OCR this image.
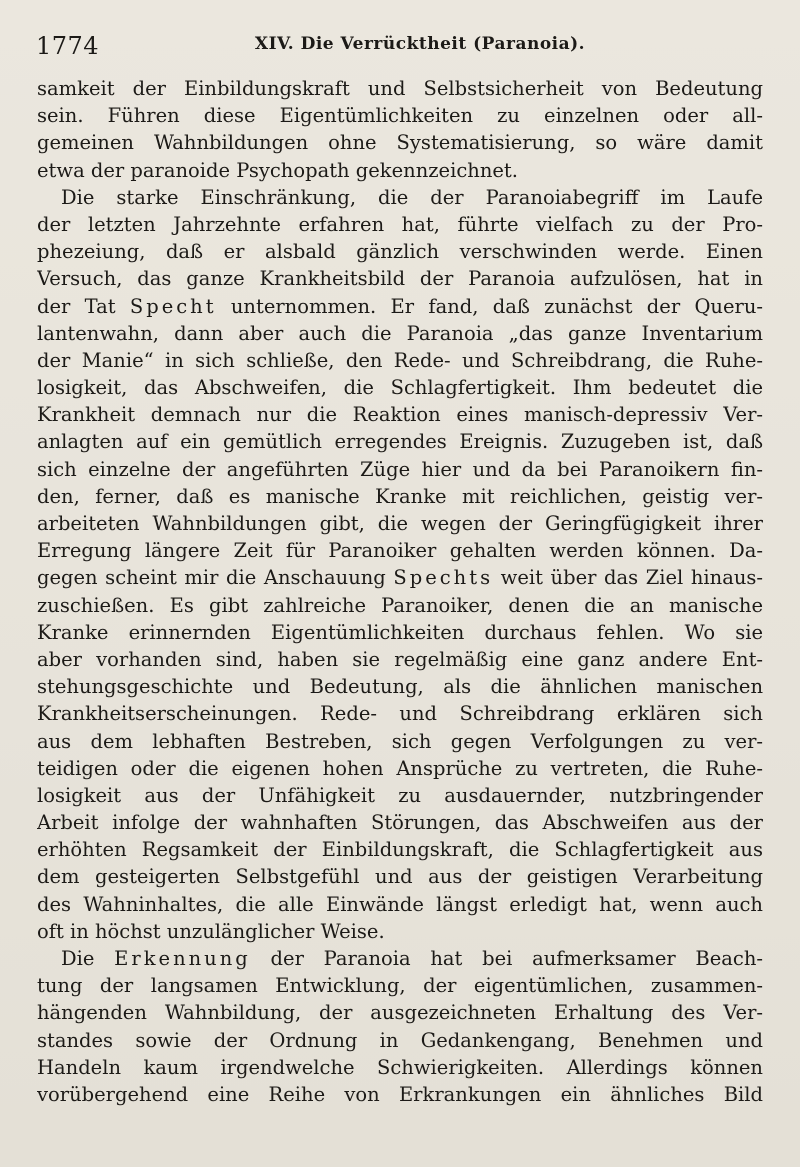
1774	XIV. Die Verrücktheit (Paranoia).
samkeit der Einbildungskraft und Selbstsicherheit von Bedeutung
sein. Führen diese Eigentümlichkeiten zu einzelnen oder all-
gemeinen Wahnbildungen ohne Systematisierung, so wäre damit
etwa der paranoide Psychopath gekennzeichnet.
Die starke Einschränkung, die der Paranoiabegriff im Laufe
der letzten Jahrzehnte erfahren hat, führte vielfach zu der Pro-
phezeiung, daß er alsbald gänzlich verschwinden werde. Einen
Versuch, das ganze Krankheitsbild der Paranoia aufzulösen, hat in
der Tat Specht unternommen. Er fand, daß zunächst der Queru-
lantenwahn, dann aber auch die Paranoia „das ganze Inventarium
der Manie“ in sich schließe, den Rede- und Schreibdrang, die Ruhe-
losigkeit, das Abschweifen, die Schlagfertigkeit. Ihm bedeutet die
Krankheit demnach nur die Reaktion eines manisch-depressiv Ver-
anlagten auf ein gemütlich erregendes Ereignis. Zuzugeben ist, daß
sich einzelne der angeführten Züge hier und da bei Paranoikern fin-
den, ferner, daß es manische Kranke mit reichlichen, geistig ver-
arbeiteten Wahnbildungen gibt, die wegen der Geringfügigkeit ihrer
Erregung längere Zeit für Paranoiker gehalten werden können. Da-
gegen scheint mir die Anschauung Spechts weit über das Ziel hinaus-
zuschießen. Es gibt zahlreiche Paranoiker, denen die an manische
Kranke erinnernden Eigentümlichkeiten durchaus fehlen. Wo sie
aber vorhanden sind, haben sie regelmäßig eine ganz andere Ent-
stehungsgeschichte und Bedeutung, als die ähnlichen manischen
Krankheitserscheinungen. Rede- und Schreibdrang erklären sich
aus dem lebhaften Bestreben, sich gegen Verfolgungen zu ver-
teidigen oder die eigenen hohen Ansprüche zu vertreten, die Ruhe-
losigkeit aus der Unfähigkeit zu ausdauernder, nutzbringender
Arbeit infolge der wahnhaften Störungen, das Abschweifen aus der
erhöhten Regsamkeit der Einbildungskraft, die Schlagfertigkeit aus
dem gesteigerten Selbstgefühl und aus der geistigen Verarbeitung
des Wahninhaltes, die alle Einwände längst erledigt hat, wenn auch
oft in höchst unzulänglicher Weise.
Die Erkennung der Paranoia hat bei aufmerksamer Beach-
tung der langsamen Entwicklung, der eigentümlichen, zusammen-
hängenden Wahnbildung, der ausgezeichneten Erhaltung des Ver-
standes sowie der Ordnung in Gedankengang, Benehmen und
Handeln kaum irgendwelche Schwierigkeiten. Allerdings können
vorübergehend eine Reihe von Erkrankungen ein ähnliches Bild
